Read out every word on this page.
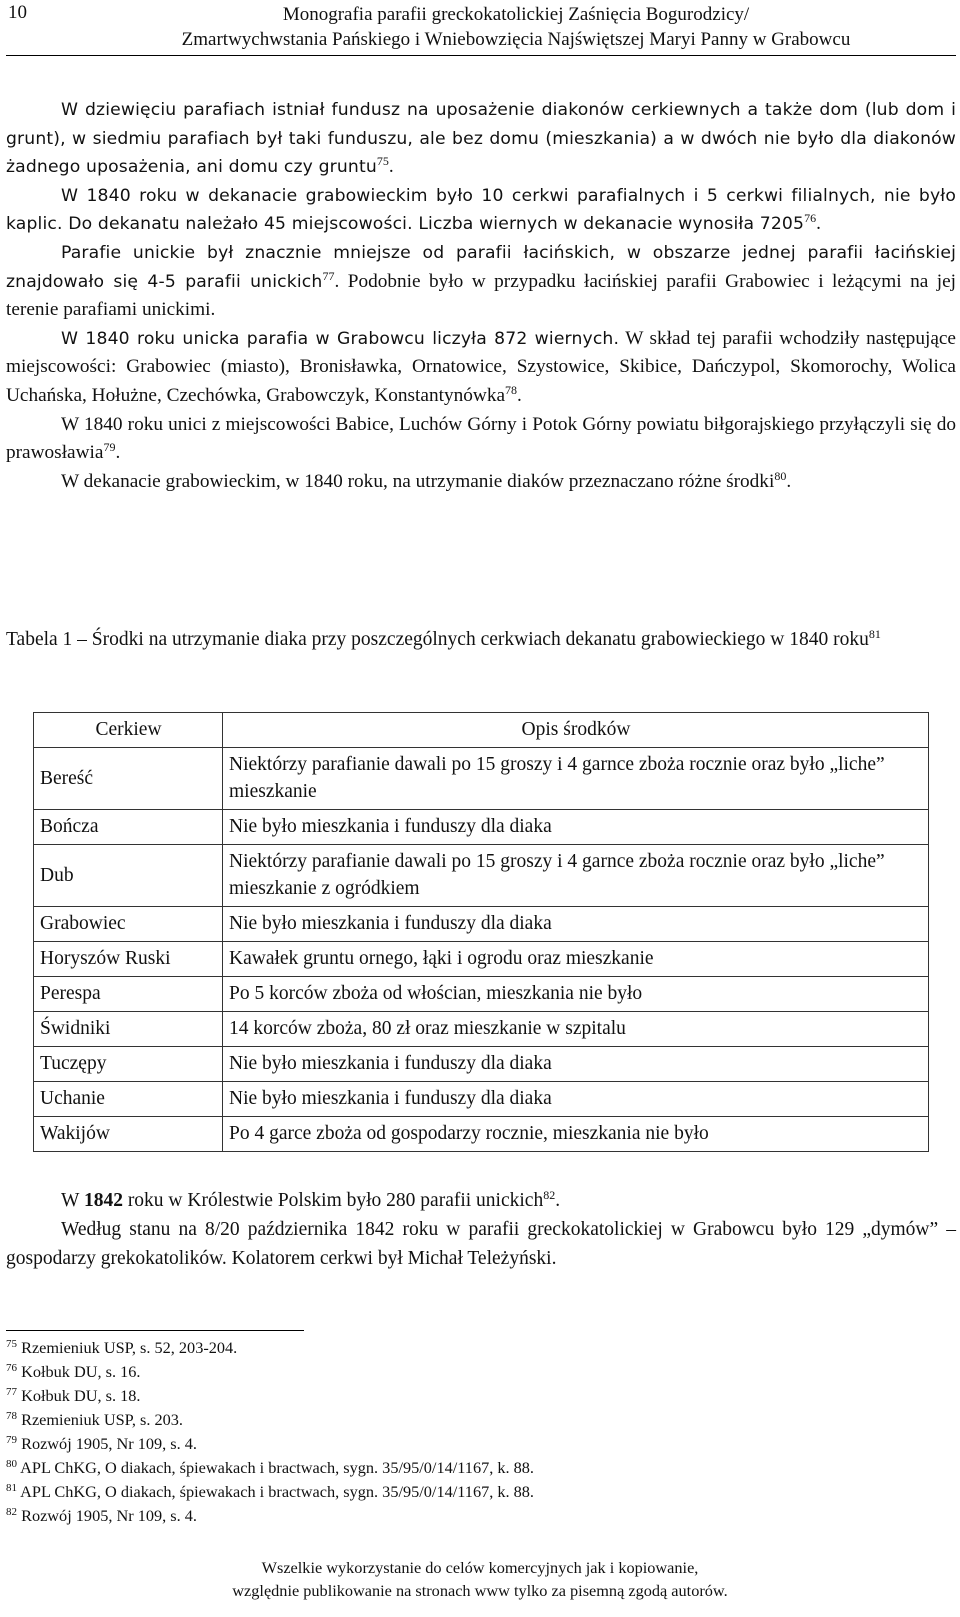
10	Monografia parafii greckokatolickiej Zaśnięcia Bogurodzicy/
Zmartwychwstania Pańskiego i Wniebowzięcia Najświętszej Maryi Panny w Grabowcu

W dziewięciu parafiach istniał fundusz na uposażenie diakonów cerkiewnych a także dom (lub dom i grunt), w siedmiu parafiach był taki funduszu, ale bez domu (mieszkania) a w dwóch nie było dla diakonów żadnego uposażenia, ani domu czy gruntu$^{75}$.

W 1840 roku w dekanacie grabowieckim było 10 cerkwi parafialnych i 5 cerkwi filialnych, nie było kaplic. Do dekanatu należało 45 miejscowości. Liczba wiernych w dekanacie wynosiła 7205$^{76}$.

Parafie unickie był znacznie mniejsze od parafii łacińskich, w obszarze jednej parafii łacińskiej znajdowało się 4-5 parafii unickich$^{77}$. Podobnie było w przypadku łacińskiej parafii Grabowiec i leżącymi na jej terenie parafiami unickimi.

W 1840 roku unicka parafia w Grabowcu liczyła 872 wiernych. W skład tej parafii wchodziły następujące miejscowości: Grabowiec (miasto), Bronisławka, Ornatowice, Szystowice, Skibice, Dańczypol, Skomorochy, Wolica Uchańska, Hołużne, Czechówka, Grabowczyk, Konstantynówka$^{78}$.

W 1840 roku unici z miejscowości Babice, Luchów Górny i Potok Górny powiatu biłgorajskiego przyłączyli się do prawosławia$^{79}$.

W dekanacie grabowieckim, w 1840 roku, na utrzymanie diaków przeznaczano różne środki$^{80}$.

Tabela 1 – Środki na utrzymanie diaka przy poszczególnych cerkwiach dekanatu grabowieckiego w 1840 roku$^{81}$
Cerkiew	Opis środków
Bereść	Niektórzy parafianie dawali po 15 groszy i 4 garnce zboża rocznie oraz było „liche” mieszkanie
Bończa	Nie było mieszkania i funduszy dla diaka
Dub	Niektórzy parafianie dawali po 15 groszy i 4 garnce zboża rocznie oraz było „liche” mieszkanie z ogródkiem
Grabowiec	Nie było mieszkania i funduszy dla diaka
Horyszów Ruski	Kawałek gruntu ornego, łąki i ogrodu oraz mieszkanie
Perespa	Po 5 korców zboża od włościan, mieszkania nie było
Świdniki	14 korców zboża, 80 zł oraz mieszkanie w szpitalu
Tuczępy	Nie było mieszkania i funduszy dla diaka
Uchanie	Nie było mieszkania i funduszy dla diaka
Wakijów	Po 4 garce zboża od gospodarzy rocznie, mieszkania nie było

W 1842 roku w Królestwie Polskim było 280 parafii unickich$^{82}$.

Według stanu na 8/20 października 1842 roku w parafii greckokatolickiej w Grabowcu było 129 „dymów” – gospodarzy grekokatolików. Kolatorem cerkwi był Michał Teleżyński.

$^{75}$ Rzemieniuk USP, s. 52, 203-204.

$^{76}$ Kołbuk DU, s. 16.

$^{77}$ Kołbuk DU, s. 18.

$^{78}$ Rzemieniuk USP, s. 203.

$^{79}$ Rozwój 1905, Nr 109, s. 4.

$^{80}$ APL ChKG, O diakach, śpiewakach i bractwach, sygn. 35/95/0/14/1167, k. 88.

$^{81}$ APL ChKG, O diakach, śpiewakach i bractwach, sygn. 35/95/0/14/1167, k. 88.

$^{82}$ Rozwój 1905, Nr 109, s. 4.

Wszelkie wykorzystanie do celów komercyjnych jak i kopiowanie,
względnie publikowanie na stronach www tylko za pisemną zgodą autorów.
